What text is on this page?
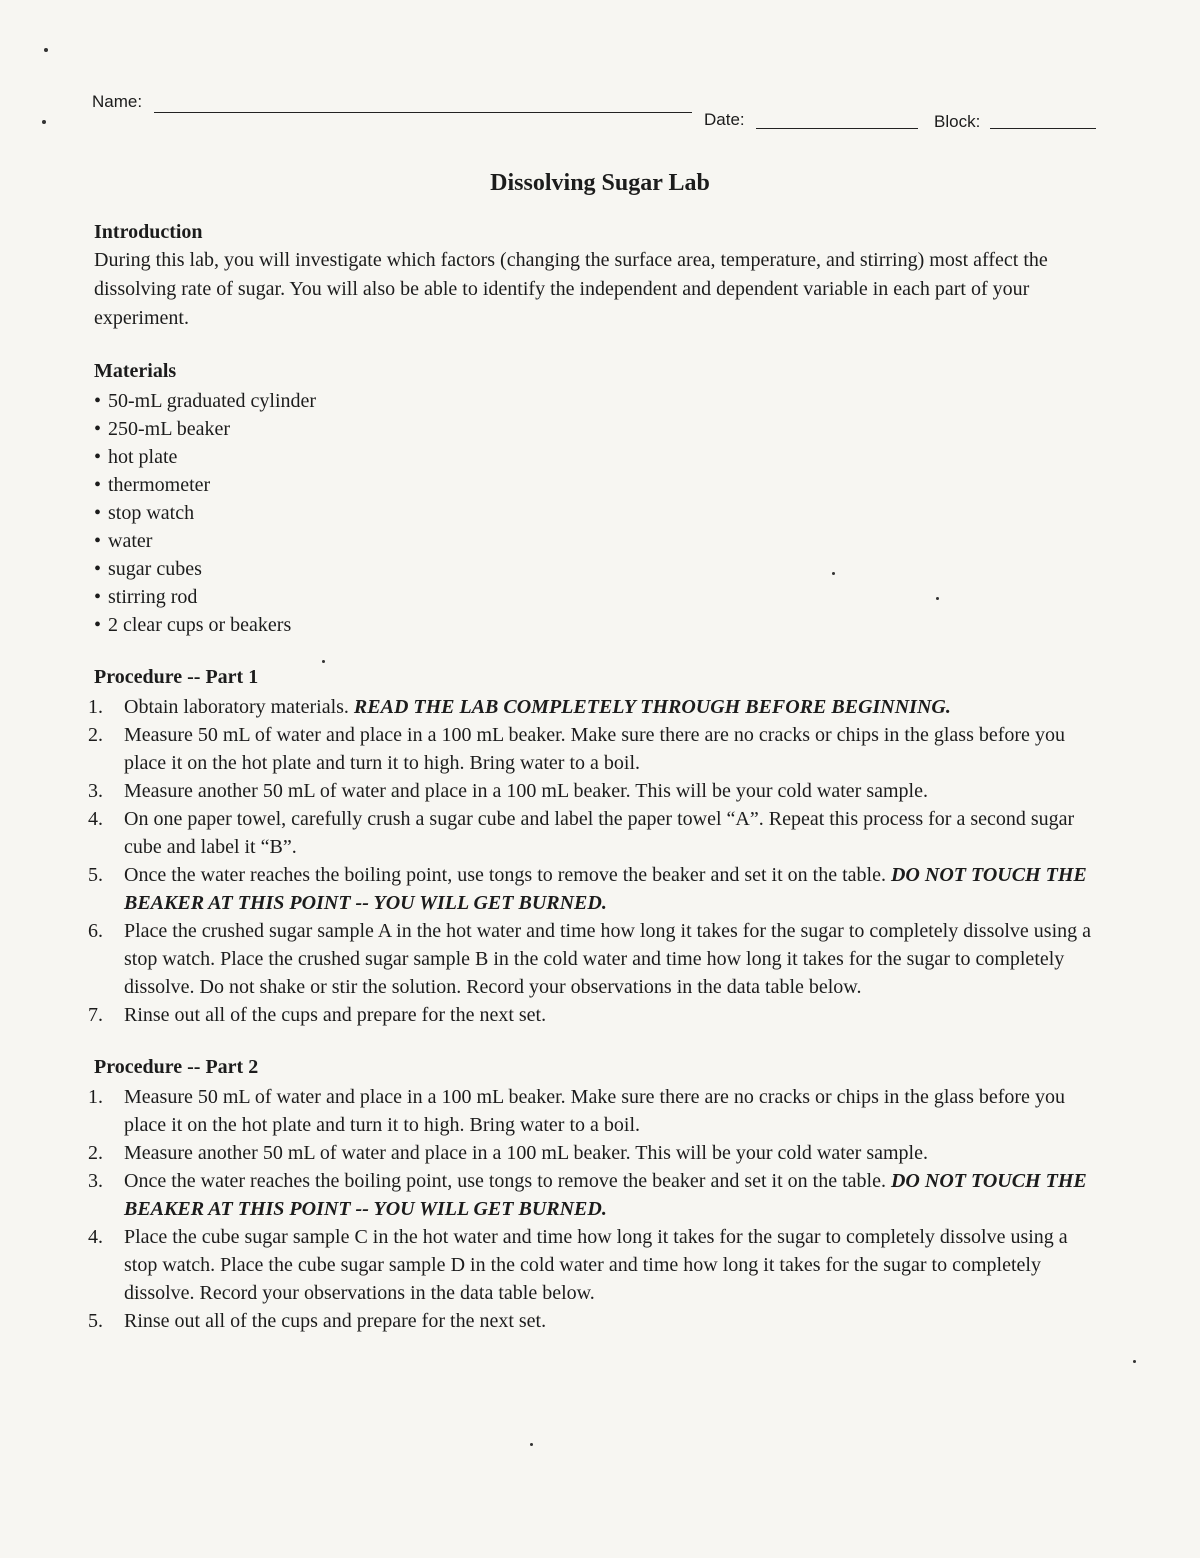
Name:
Date:	Block:
Dissolving Sugar Lab

Introduction

During this lab, you will investigate which factors (changing the surface area, temperature, and stirring) most affect the dissolving rate of sugar. You will also be able to identify the independent and dependent variable in each part of your experiment.

Materials

• 50-mL graduated cylinder
• 250-mL beaker
• hot plate
• thermometer
• stop watch
• water
• sugar cubes
• stirring rod
• 2 clear cups or beakers

Procedure -- Part 1

1.	Obtain laboratory materials. READ THE LAB COMPLETELY THROUGH BEFORE BEGINNING.
2.	Measure 50 mL of water and place in a 100 mL beaker. Make sure there are no cracks or chips in the glass before you place it on the hot plate and turn it to high. Bring water to a boil.
3.	Measure another 50 mL of water and place in a 100 mL beaker. This will be your cold water sample.
4.	On one paper towel, carefully crush a sugar cube and label the paper towel “A”. Repeat this process for a second sugar cube and label it “B”.
5.	Once the water reaches the boiling point, use tongs to remove the beaker and set it on the table. DO NOT TOUCH THE BEAKER AT THIS POINT -- YOU WILL GET BURNED.
6.	Place the crushed sugar sample A in the hot water and time how long it takes for the sugar to completely dissolve using a stop watch. Place the crushed sugar sample B in the cold water and time how long it takes for the sugar to completely dissolve. Do not shake or stir the solution. Record your observations in the data table below.
7.	Rinse out all of the cups and prepare for the next set.

Procedure -- Part 2

1.	Measure 50 mL of water and place in a 100 mL beaker. Make sure there are no cracks or chips in the glass before you place it on the hot plate and turn it to high. Bring water to a boil.
2.	Measure another 50 mL of water and place in a 100 mL beaker. This will be your cold water sample.
3.	Once the water reaches the boiling point, use tongs to remove the beaker and set it on the table. DO NOT TOUCH THE BEAKER AT THIS POINT -- YOU WILL GET BURNED.
4.	Place the cube sugar sample C in the hot water and time how long it takes for the sugar to completely dissolve using a stop watch. Place the cube sugar sample D in the cold water and time how long it takes for the sugar to completely dissolve. Record your observations in the data table below.
5.	Rinse out all of the cups and prepare for the next set.
